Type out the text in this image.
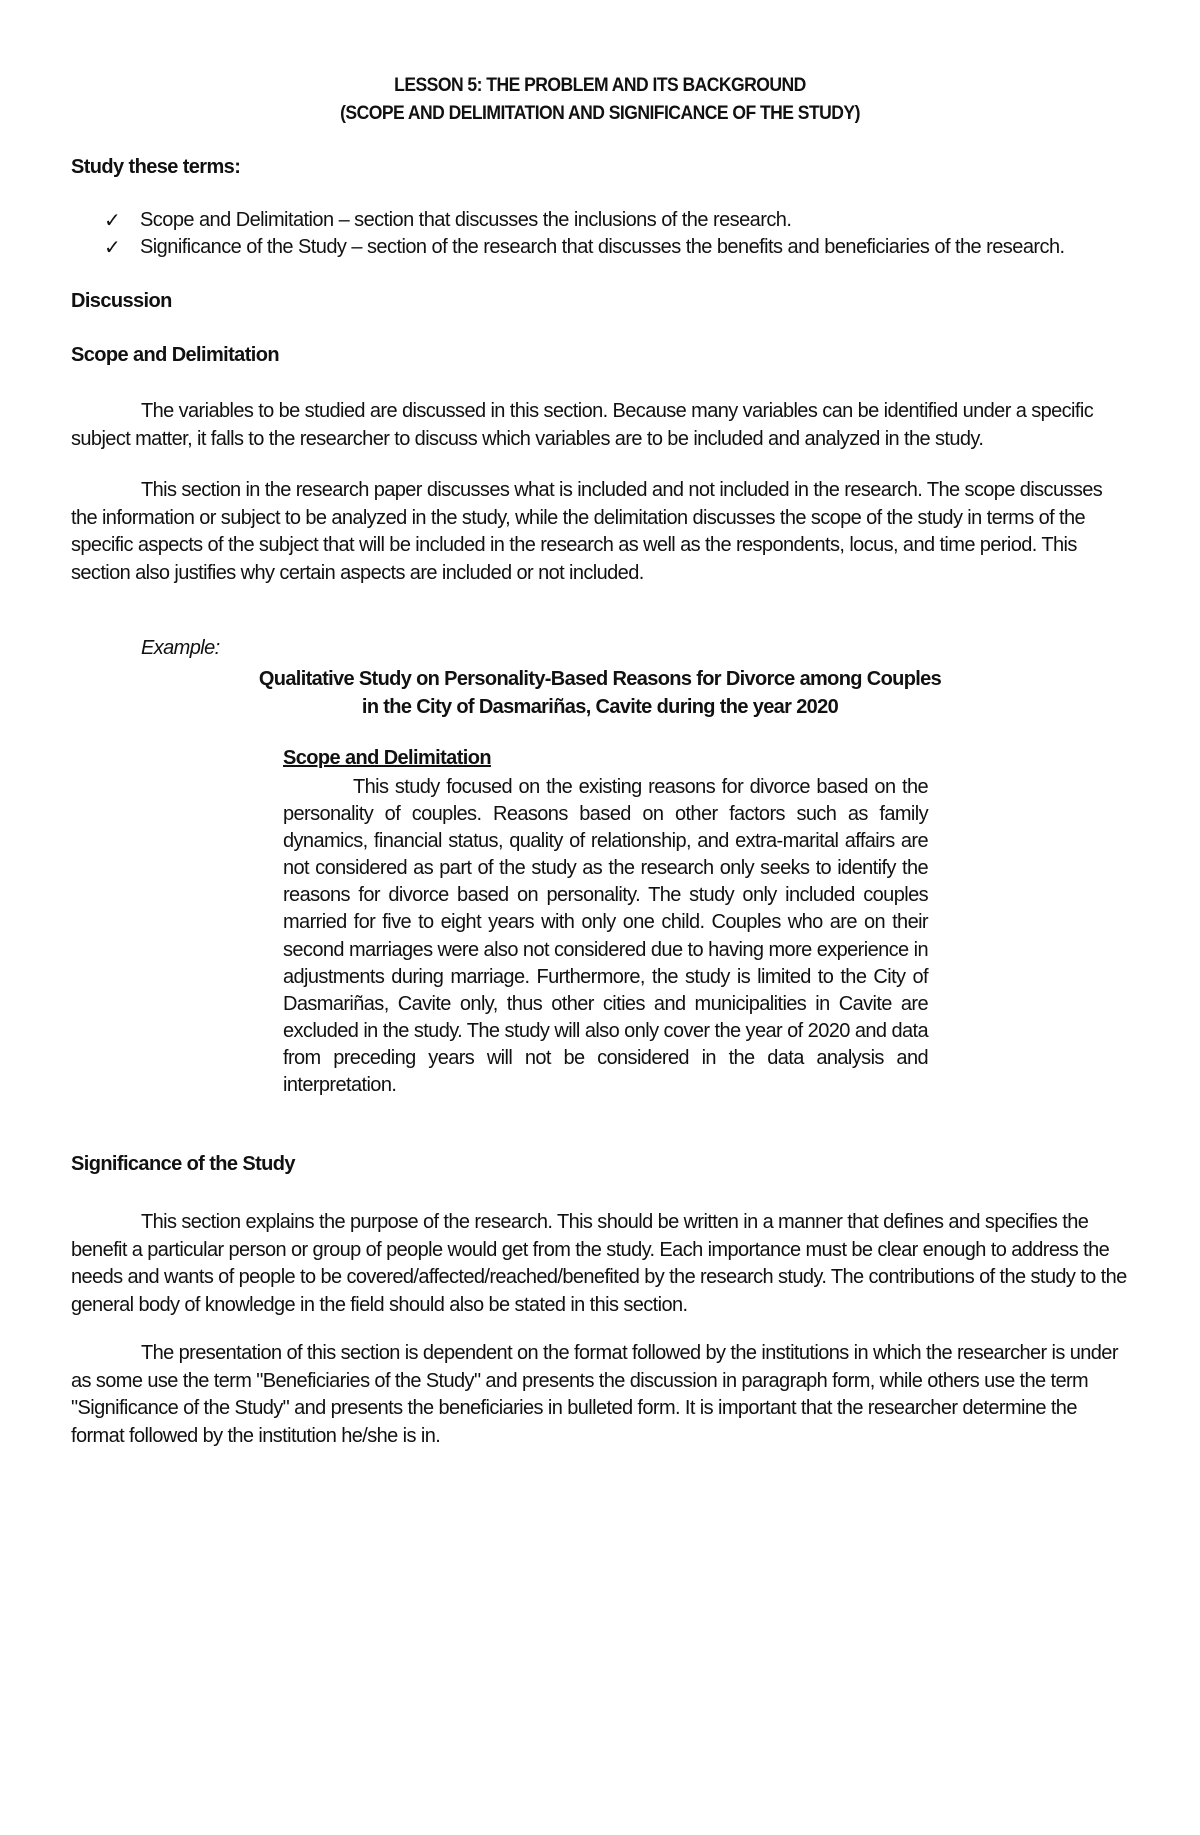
LESSON 5: THE PROBLEM AND ITS BACKGROUND
(SCOPE AND DELIMITATION AND SIGNIFICANCE OF THE STUDY)
Study these terms:
✓ Scope and Delimitation – section that discusses the inclusions of the research.
✓ Significance of the Study – section of the research that discusses the benefits and beneficiaries of the research.
Discussion
Scope and Delimitation

The variables to be studied are discussed in this section. Because many variables can be identified under a specific subject matter, it falls to the researcher to discuss which variables are to be included and analyzed in the study.

This section in the research paper discusses what is included and not included in the research. The scope discusses the information or subject to be analyzed in the study, while the delimitation discusses the scope of the study in terms of the specific aspects of the subject that will be included in the research as well as the respondents, locus, and time period. This section also justifies why certain aspects are included or not included.

Example:
Qualitative Study on Personality-Based Reasons for Divorce among Couples
in the City of Dasmariñas, Cavite during the year 2020
Scope and Delimitation

This study focused on the existing reasons for divorce based on the personality of couples. Reasons based on other factors such as family dynamics, financial status, quality of relationship, and extra-marital affairs are not considered as part of the study as the research only seeks to identify the reasons for divorce based on personality. The study only included couples married for five to eight years with only one child. Couples who are on their second marriages were also not considered due to having more experience in adjustments during marriage. Furthermore, the study is limited to the City of Dasmariñas, Cavite only, thus other cities and municipalities in Cavite are excluded in the study. The study will also only cover the year of 2020 and data from preceding years will not be considered in the data analysis and interpretation.

Significance of the Study

This section explains the purpose of the research. This should be written in a manner that defines and specifies the benefit a particular person or group of people would get from the study. Each importance must be clear enough to address the needs and wants of people to be covered/affected/reached/benefited by the research study. The contributions of the study to the general body of knowledge in the field should also be stated in this section.

The presentation of this section is dependent on the format followed by the institutions in which the researcher is under as some use the term "Beneficiaries of the Study" and presents the discussion in paragraph form, while others use the term "Significance of the Study" and presents the beneficiaries in bulleted form. It is important that the researcher determine the format followed by the institution he/she is in.
